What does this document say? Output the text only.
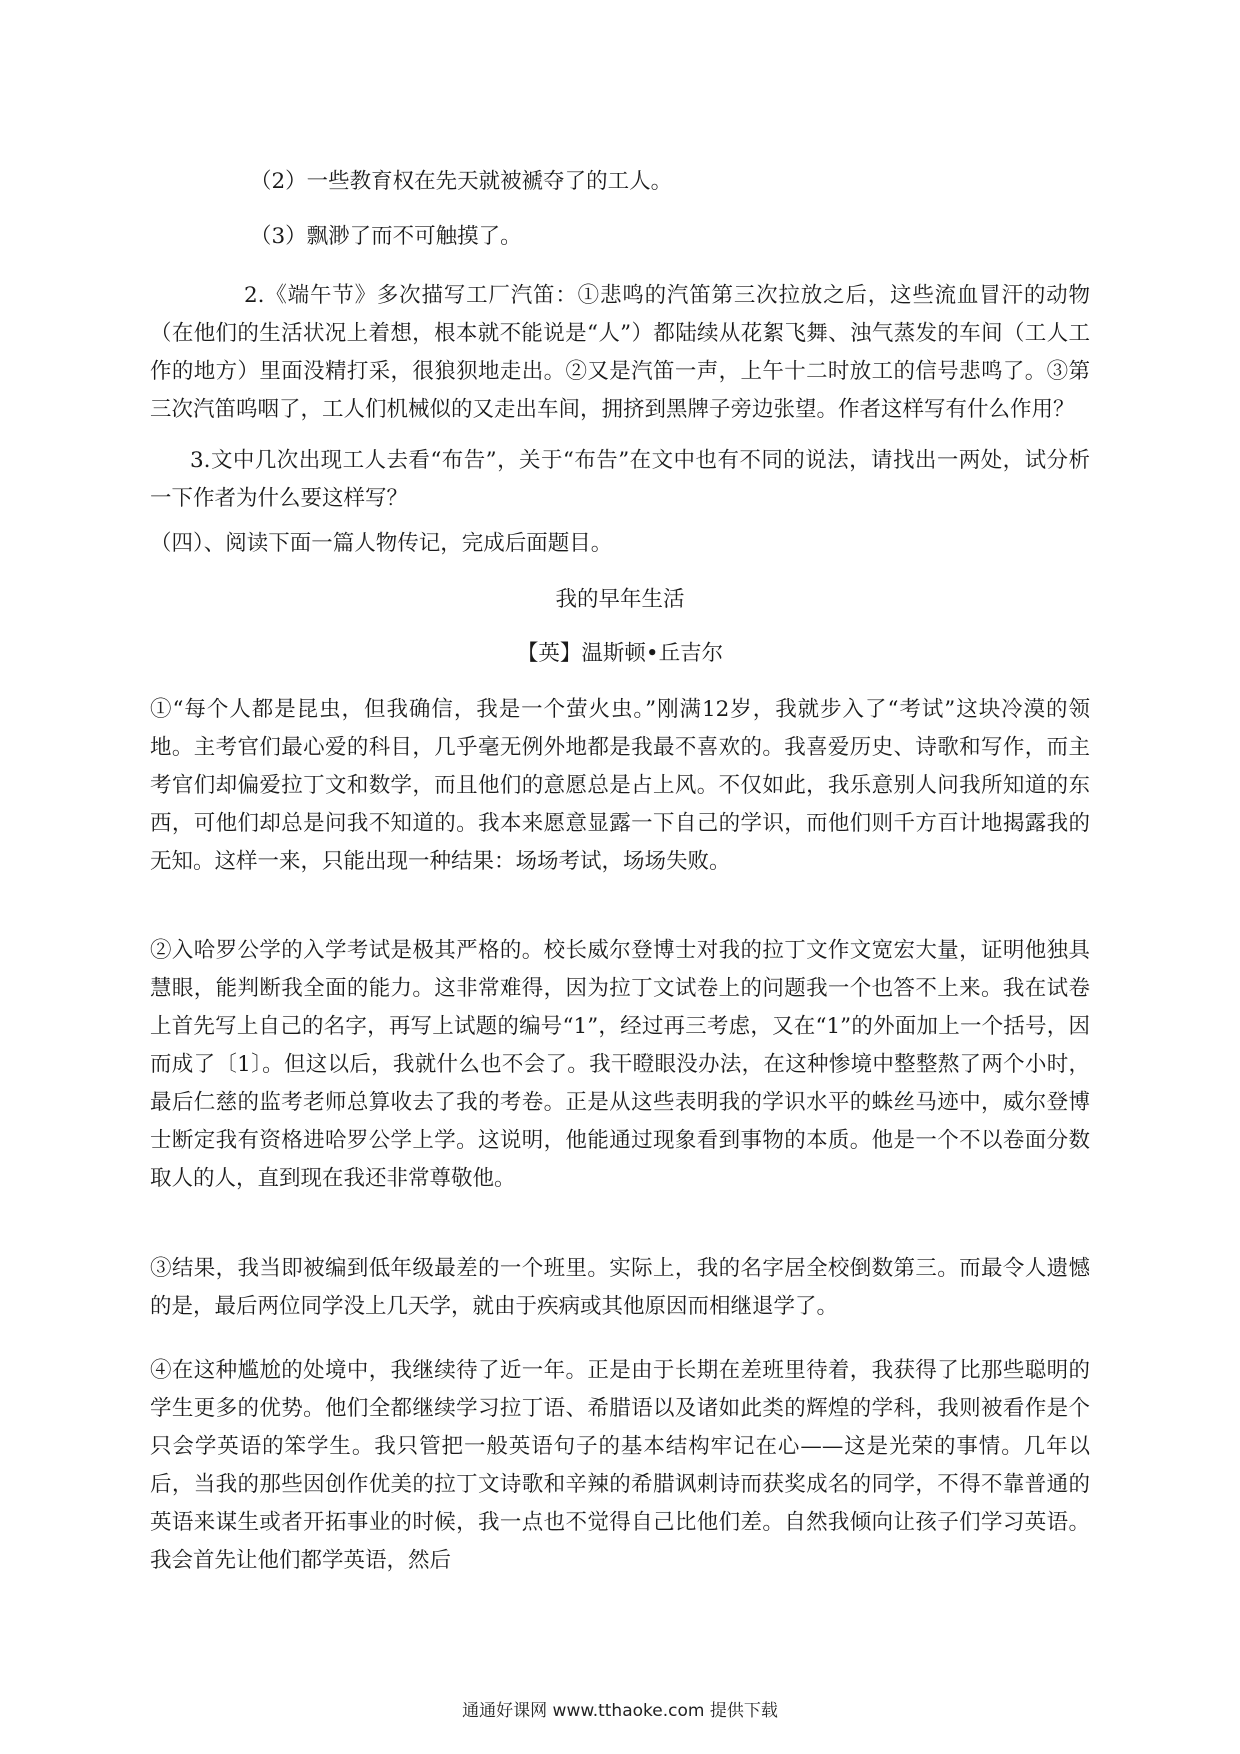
（2）一些教育权在先天就被褫夺了的工人。
（3）飘渺了而不可触摸了。
2.《端午节》多次描写工厂汽笛：①悲鸣的汽笛第三次拉放之后，这些流血冒汗的动物（在他们的生活状况上着想，根本就不能说是“人”）都陆续从花絮飞舞、浊气蒸发的车间（工人工作的地方）里面没精打采，很狼狈地走出。②又是汽笛一声，上午十二时放工的信号悲鸣了。③第三次汽笛呜咽了，工人们机械似的又走出车间，拥挤到黑牌子旁边张望。作者这样写有什么作用？
3.文中几次出现工人去看“布告”，关于“布告”在文中也有不同的说法，请找出一两处，试分析一下作者为什么要这样写？
（四）、阅读下面一篇人物传记，完成后面题目。
我的早年生活
【英】温斯顿•丘吉尔
①“每个人都是昆虫，但我确信，我是一个萤火虫。”刚满12岁，我就步入了“考试”这块冷漠的领地。主考官们最心爱的科目，几乎毫无例外地都是我最不喜欢的。我喜爱历史、诗歌和写作，而主考官们却偏爱拉丁文和数学，而且他们的意愿总是占上风。不仅如此，我乐意别人问我所知道的东西，可他们却总是问我不知道的。我本来愿意显露一下自己的学识，而他们则千方百计地揭露我的无知。这样一来，只能出现一种结果：场场考试，场场失败。
②入哈罗公学的入学考试是极其严格的。校长威尔登博士对我的拉丁文作文宽宏大量，证明他独具慧眼，能判断我全面的能力。这非常难得，因为拉丁文试卷上的问题我一个也答不上来。我在试卷上首先写上自己的名字，再写上试题的编号“1”，经过再三考虑，又在“1”的外面加上一个括号，因而成了〔1〕。但这以后，我就什么也不会了。我干瞪眼没办法，在这种惨境中整整熬了两个小时，最后仁慈的监考老师总算收去了我的考卷。正是从这些表明我的学识水平的蛛丝马迹中，威尔登博士断定我有资格进哈罗公学上学。这说明，他能通过现象看到事物的本质。他是一个不以卷面分数取人的人，直到现在我还非常尊敬他。
③结果，我当即被编到低年级最差的一个班里。实际上，我的名字居全校倒数第三。而最令人遗憾的是，最后两位同学没上几天学，就由于疾病或其他原因而相继退学了。
④在这种尴尬的处境中，我继续待了近一年。正是由于长期在差班里待着，我获得了比那些聪明的学生更多的优势。他们全都继续学习拉丁语、希腊语以及诸如此类的辉煌的学科，我则被看作是个只会学英语的笨学生。我只管把一般英语句子的基本结构牢记在心——这是光荣的事情。几年以后，当我的那些因创作优美的拉丁文诗歌和辛辣的希腊讽刺诗而获奖成名的同学，不得不靠普通的英语来谋生或者开拓事业的时候，我一点也不觉得自己比他们差。自然我倾向让孩子们学习英语。我会首先让他们都学英语，然后
通通好课网 www.tthaoke.com 提供下载
